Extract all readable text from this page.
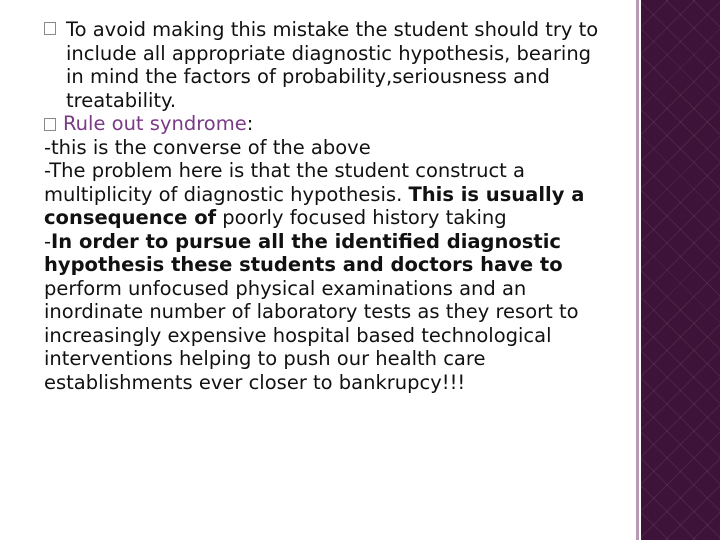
To avoid making this mistake the student should try to include all appropriate diagnostic hypothesis, bearing in mind the factors of probability,seriousness and treatability.

Rule out syndrome:

-this is the converse of the above

-The problem here is that the student construct a multiplicity of diagnostic hypothesis. This is usually a consequence of poorly focused history taking

-In order to pursue all the identified diagnostic hypothesis these students and doctors have to perform unfocused physical examinations and an inordinate number of laboratory tests as they resort to increasingly expensive hospital based technological interventions helping to push our health care establishments ever closer to bankrupcy!!!
